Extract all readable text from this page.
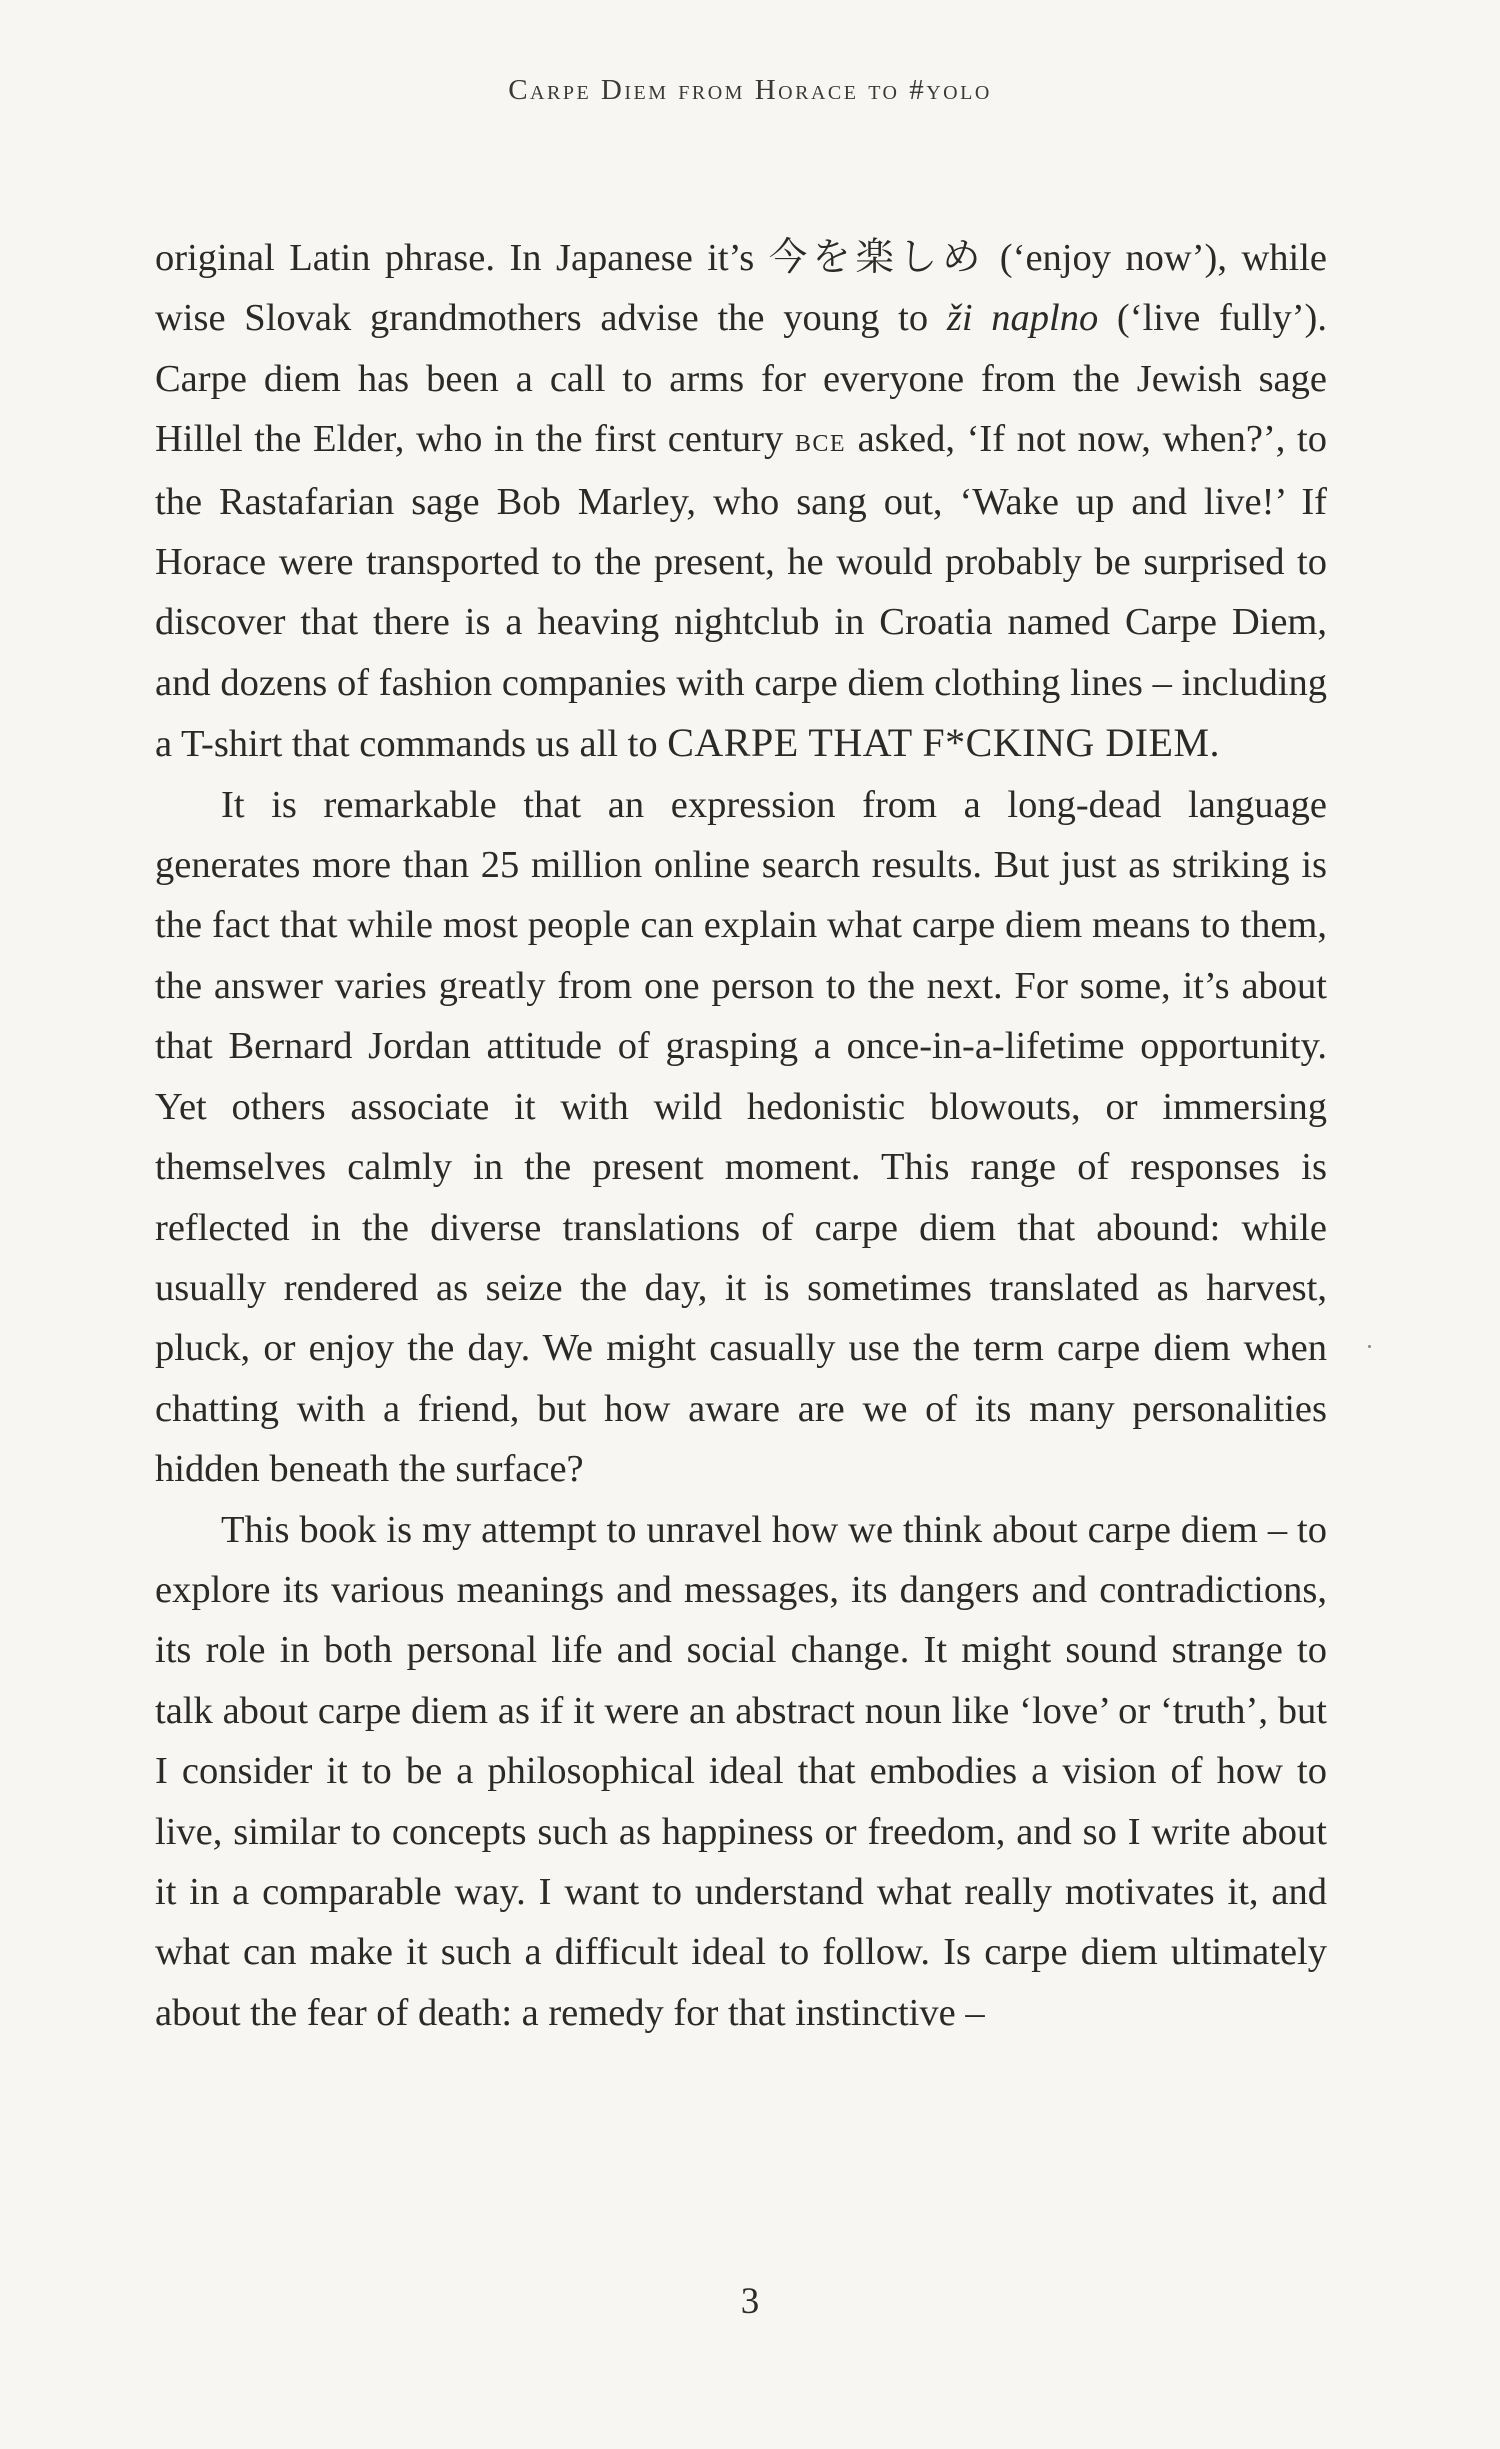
Carpe Diem from Horace to #yolo

original Latin phrase. In Japanese it’s 今を楽しめ (‘enjoy now’), while wise Slovak grandmothers advise the young to ži naplno (‘live fully’). Carpe diem has been a call to arms for everyone from the Jewish sage Hillel the Elder, who in the first century bce asked, ‘If not now, when?’, to the Rastafarian sage Bob Marley, who sang out, ‘Wake up and live!’ If Horace were transported to the present, he would probably be surprised to discover that there is a heaving nightclub in Croatia named Carpe Diem, and dozens of fashion companies with carpe diem clothing lines – including a T-shirt that commands us all to CARPE THAT F*CKING DIEM.

It is remarkable that an expression from a long-dead language generates more than 25 million online search results. But just as striking is the fact that while most people can explain what carpe diem means to them, the answer varies greatly from one person to the next. For some, it’s about that Bernard Jordan attitude of grasping a once-in-a-lifetime opportunity. Yet others associate it with wild hedonistic blowouts, or immersing themselves calmly in the present moment. This range of responses is reflected in the diverse translations of carpe diem that abound: while usually rendered as seize the day, it is sometimes translated as harvest, pluck, or enjoy the day. We might casually use the term carpe diem when chatting with a friend, but how aware are we of its many personalities hidden beneath the surface?

This book is my attempt to unravel how we think about carpe diem – to explore its various meanings and messages, its dangers and contradictions, its role in both personal life and social change. It might sound strange to talk about carpe diem as if it were an abstract noun like ‘love’ or ‘truth’, but I consider it to be a philosophical ideal that embodies a vision of how to live, similar to concepts such as happiness or freedom, and so I write about it in a comparable way. I want to understand what really motivates it, and what can make it such a difficult ideal to follow. Is carpe diem ultimately about the fear of death: a remedy for that instinctive –

3
